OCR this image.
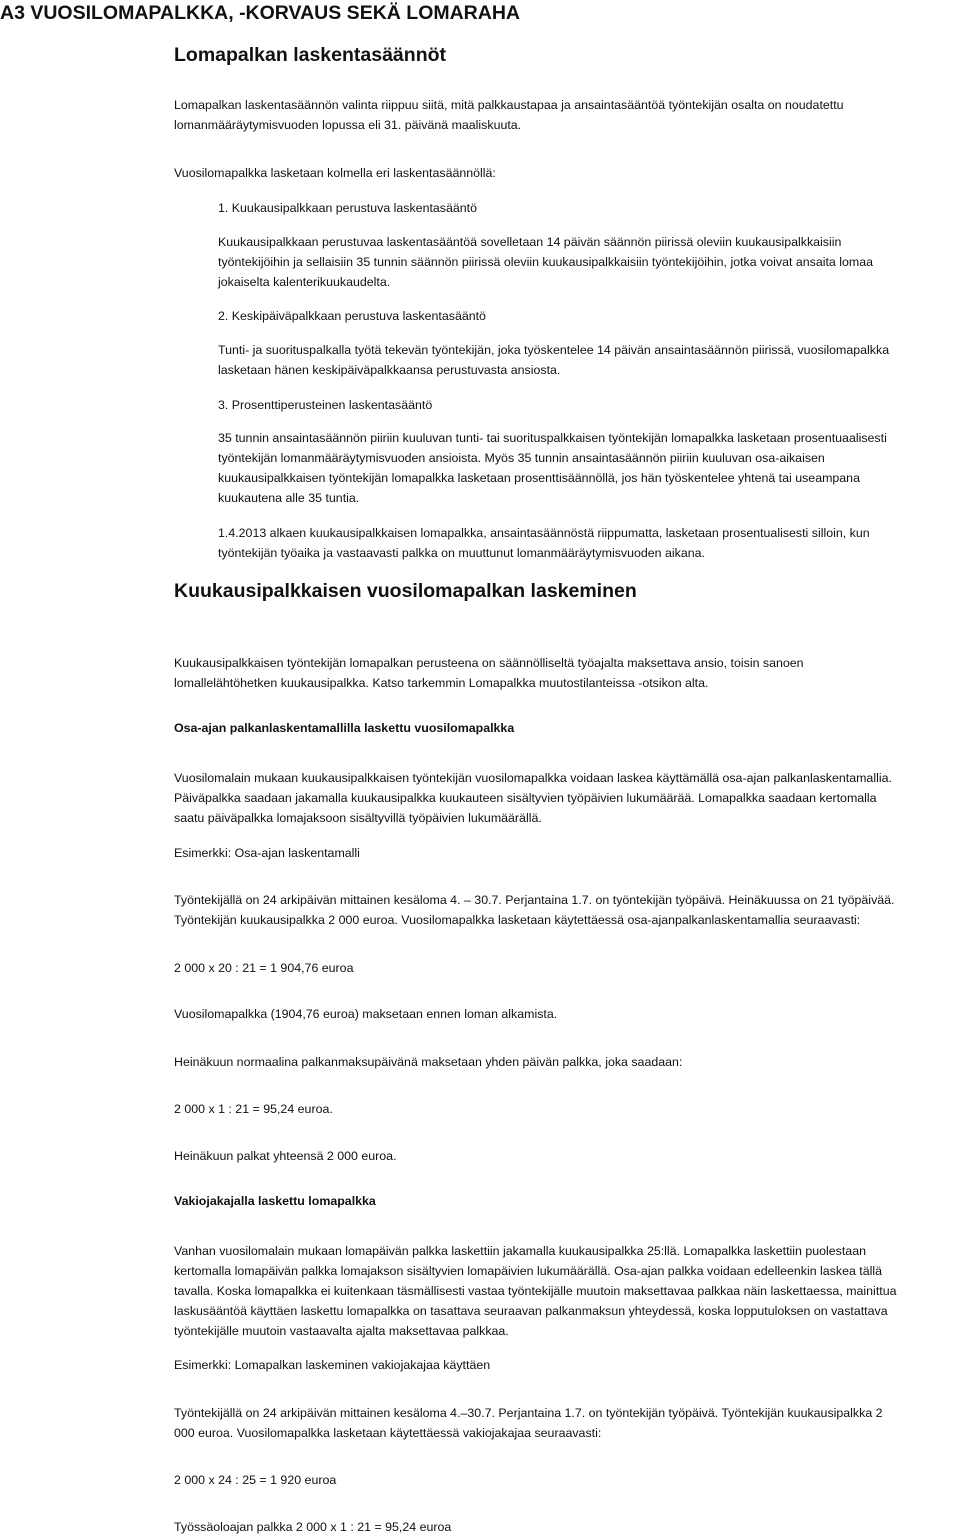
A3 VUOSILOMAPALKKA, -KORVAUS SEKÄ LOMARAHA
Lomapalkan laskentasäännöt
Lomapalkan laskentasäännön valinta riippuu siitä, mitä palkkaustapaa ja ansaintasääntöä työntekijän osalta on noudatettu
lomanmääräytymisvuoden lopussa eli 31. päivänä maaliskuuta.
Vuosilomapalkka lasketaan kolmella eri laskentasäännöllä:
1. Kuukausipalkkaan perustuva laskentasääntö
Kuukausipalkkaan perustuvaa laskentasääntöä sovelletaan 14 päivän säännön piirissä oleviin kuukausipalkkaisiin
työntekijöihin ja sellaisiin 35 tunnin säännön piirissä oleviin kuukausipalkkaisiin työntekijöihin, jotka voivat ansaita lomaa
jokaiselta kalenterikuukaudelta.
2. Keskipäiväpalkkaan perustuva laskentasääntö
Tunti- ja suorituspalkalla työtä tekevän työntekijän, joka työskentelee 14 päivän ansaintasäännön piirissä, vuosilomapalkka
lasketaan hänen keskipäiväpalkkaansa perustuvasta ansiosta.
3. Prosenttiperusteinen laskentasääntö
35 tunnin ansaintasäännön piiriin kuuluvan tunti- tai suorituspalkkaisen työntekijän lomapalkka lasketaan prosentuaalisesti
työntekijän lomanmääräytymisvuoden ansioista. Myös 35 tunnin ansaintasäännön piiriin kuuluvan osa-aikaisen
kuukausipalkkaisen työntekijän lomapalkka lasketaan prosenttisäännöllä, jos hän työskentelee yhtenä tai useampana
kuukautena alle 35 tuntia.
1.4.2013 alkaen kuukausipalkkaisen lomapalkka, ansaintasäännöstä riippumatta, lasketaan prosentualisesti silloin, kun
työntekijän työaika ja vastaavasti palkka on muuttunut lomanmääräytymisvuoden aikana.
Kuukausipalkkaisen vuosilomapalkan laskeminen
Kuukausipalkkaisen työntekijän lomapalkan perusteena on säännölliseltä työajalta maksettava ansio, toisin sanoen
lomallelähtöhetken kuukausipalkka. Katso tarkemmin Lomapalkka muutostilanteissa -otsikon alta.
Osa-ajan palkanlaskentamallilla laskettu vuosilomapalkka
Vuosilomalain mukaan kuukausipalkkaisen työntekijän vuosilomapalkka voidaan laskea käyttämällä osa-ajan palkanlaskentamallia.
Päiväpalkka saadaan jakamalla kuukausipalkka kuukauteen sisältyvien työpäivien lukumäärää. Lomapalkka saadaan kertomalla
saatu päiväpalkka lomajaksoon sisältyvillä työpäivien lukumäärällä.
Esimerkki: Osa-ajan laskentamalli
Työntekijällä on 24 arkipäivän mittainen kesäloma 4. – 30.7. Perjantaina 1.7. on työntekijän työpäivä. Heinäkuussa on 21 työpäivää.
Työntekijän kuukausipalkka 2 000 euroa. Vuosilomapalkka lasketaan käytettäessä osa-ajanpalkanlaskentamallia seuraavasti:
2 000 x 20 : 21 = 1 904,76 euroa
Vuosilomapalkka (1904,76 euroa) maksetaan ennen loman alkamista.
Heinäkuun normaalina palkanmaksupäivänä maksetaan yhden päivän palkka, joka saadaan:
2 000 x 1 : 21 = 95,24 euroa.
Heinäkuun palkat yhteensä 2 000 euroa.
Vakiojakajalla laskettu lomapalkka
Vanhan vuosilomalain mukaan lomapäivän palkka laskettiin jakamalla kuukausipalkka 25:llä. Lomapalkka laskettiin puolestaan
kertomalla lomapäivän palkka lomajakson sisältyvien lomapäivien lukumäärällä. Osa-ajan palkka voidaan edelleenkin laskea tällä
tavalla. Koska lomapalkka ei kuitenkaan täsmällisesti vastaa työntekijälle muutoin maksettavaa palkkaa näin laskettaessa, mainittua
laskusääntöä käyttäen laskettu lomapalkka on tasattava seuraavan palkanmaksun yhteydessä, koska lopputuloksen on vastattava
työntekijälle muutoin vastaavalta ajalta maksettavaa palkkaa.
Esimerkki: Lomapalkan laskeminen vakiojakajaa käyttäen
Työntekijällä on 24 arkipäivän mittainen kesäloma 4.–30.7. Perjantaina 1.7. on työntekijän työpäivä. Työntekijän kuukausipalkka 2
000 euroa. Vuosilomapalkka lasketaan käytettäessä vakiojakajaa seuraavasti:
2 000 x 24 : 25 = 1 920 euroa
Työssäoloajan palkka 2 000 x 1 : 21 = 95,24 euroa
